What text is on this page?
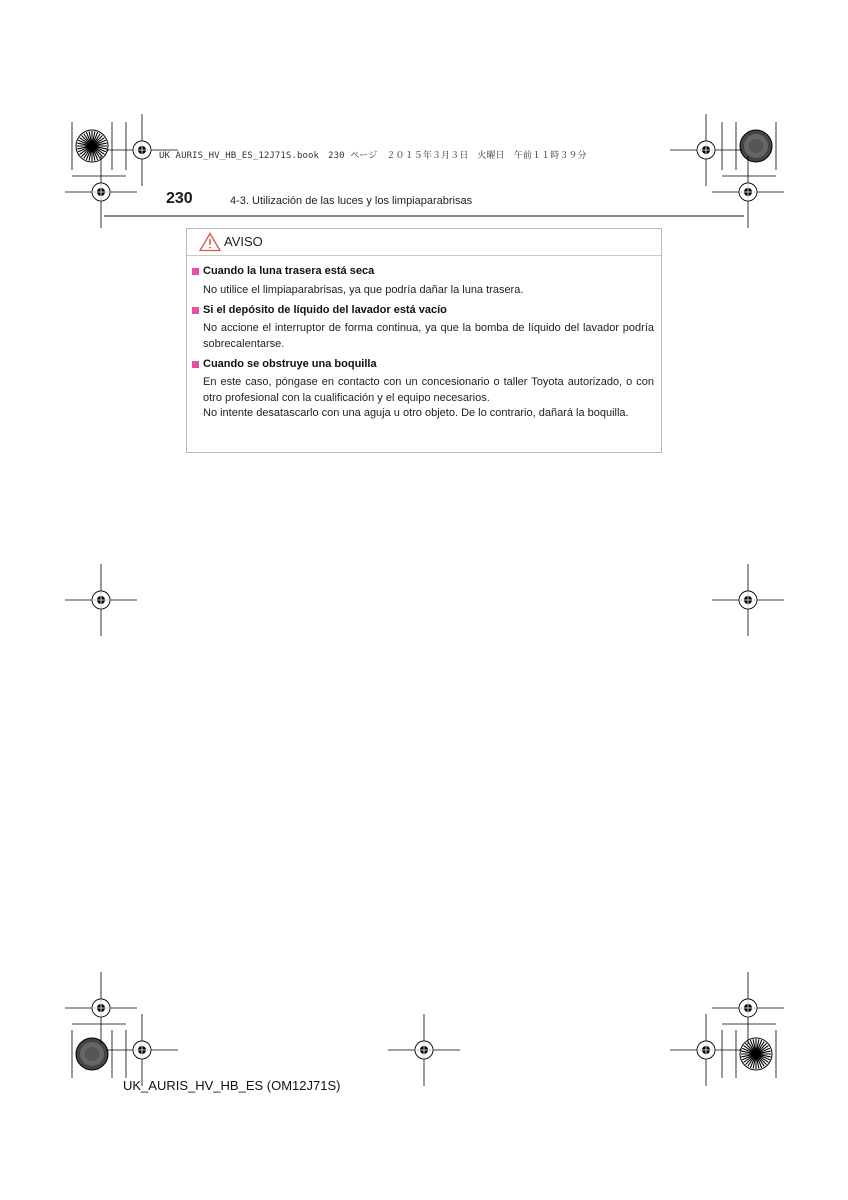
UK AURIS_HV_HB_ES_12J71S.book　230 ページ　２０１５年３月３日　火曜日　午前１１時３９分
230	4-3. Utilización de las luces y los limpiaparabrisas
AVISO
Cuando la luna trasera está seca
No utilice el limpiaparabrisas, ya que podría dañar la luna trasera.
Si el depósito de líquido del lavador está vacío
No accione el interruptor de forma continua, ya que la bomba de líquido del lavador podría sobrecalentarse.
Cuando se obstruye una boquilla
En este caso, póngase en contacto con un concesionario o taller Toyota autorizado, o con otro profesional con la cualificación y el equipo necesarios.
No intente desatascarlo con una aguja u otro objeto. De lo contrario, dañará la boquilla.
UK_AURIS_HV_HB_ES (OM12J71S)
